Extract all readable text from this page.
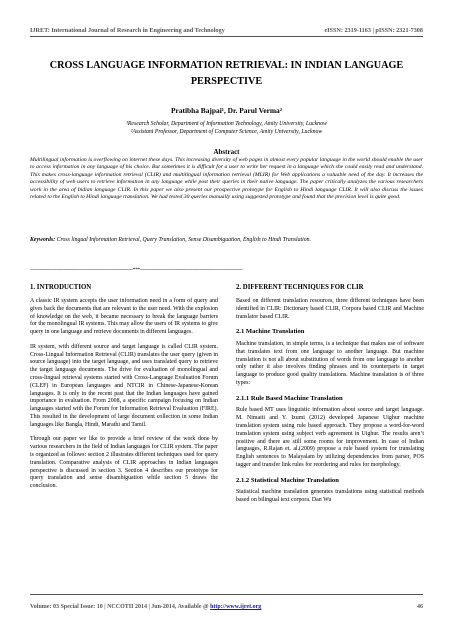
IJRET: International Journal of Research in Engineering and Technology	eISSN: 2319-1163 | pISSN: 2321-7308
CROSS LANGUAGE INFORMATION RETRIEVAL: IN INDIAN LANGUAGE PERSPECTIVE
Pratibha Bajpai¹, Dr. Parul Verma²
¹Research Scholar, Department of Information Technology, Amity University, Lucknow
²Assistant Professor, Department of Computer Science, Amity University, Lucknow
Abstract
Multilingual information is overflowing on internet these days. This increasing diversity of web pages in almost every popular language in the world should enable the user to access information in any language of his choice. But sometimes it is difficult for a user to write her request in a language which she could easily read and understand. This makes cross-language information retrieval (CLIR) and multilingual information retrieval (MLIR) for Web applications a valuable need of the day. It increases the accessibility of web users to retrieve information in any language while post their queries in their native language. The paper critically analyzes the various researchers work in the area of Indian language CLIR. In this paper we also present our prospective prototype for English to Hindi language CLIR. It will also discuss the issues related to the English to Hindi language translation. We had tested 30 queries manually using suggested prototype and found that the precision level is quite good.
Keywords: Cross lingual Information Retrieval, Query Translation, Sense Disambiguation, English to Hindi Translation.
-------------------------------------------------------------------***-------------------------------------------------------------------
1. INTRODUCTION

A classic IR system accepts the user information need in a form of query and gives back the documents that are relevant to the user need. With the explosion of knowledge on the web, it became necessary to break the language barriers for the monolingual IR systems. This may allow the users of IR systems to give query in one language and retrieve documents in different languages.

IR system, with different source and target language is called CLIR system. Cross-Lingual Information Retrieval (CLIR) translates the user query (given in source language) into the target language, and uses translated query to retrieve the target language documents. The drive for evaluation of monolingual and cross-lingual retrieval systems started with Cross-Language Evaluation Forum (CLEF) in European languages and NTCIR in Chinese-Japanese-Korean languages. It is only in the recent past that the Indian languages have gained importance in evaluation. From 2008, a specific campaign focusing on Indian languages started with the Forum for Information Retrieval Evaluation (FIRE). This resulted in the development of large document collection in some Indian languages like Bangla, Hindi, Marathi and Tamil.

Through our paper we like to provide a brief review of the work done by various researchers in the field of Indian languages for CLIR system. The paper is organized as follows: section 2 illustrates different techniques used for query translation. Comparative analysis of CLIR approaches in Indian languages perspective is discussed in section 3. Section 4 describes our prototype for query translation and sense disambiguation while section 5 draws the conclusion.

2. DIFFERENT TECHNIQUES FOR CLIR

Based on different translation resources, three different techniques have been identified in CLIR: Dictionary based CLIR, Corpora based CLIR and Machine translator based CLIR.

2.1 Machine Translation

Machine translation, in simple terms, is a technique that makes use of software that translates text from one language to another language. But machine translation is not all about substitution of words from one language to another only rather it also involves finding phrases and its counterparts in target language to produce good quality translations. Machine translation is of three types:

2.1.1 Rule Based Machine Translation

Rule based MT uses linguistic information about source and target language. M. Nimaiti and Y. Izumi (2012) developed Japanese Uighur machine translation system using rule based approach. They propose a word-for-word translation system using subject verb agreement in Uighur. The results aren’t positive and there are still some rooms for improvement. In case of Indian languages, R.Rajan et. al.(2009) propose a rule based system for translating English sentences to Malayalam by utilizing dependencies from parser, POS tagger and transfer link rules for reordering and rules for morphology.

2.1.2 Statistical Machine Translation

Statistical machine translation generates translations using statistical methods based on bilingual text corpora. Dan Wu

Volume: 03 Special Issue: 10 | NCCOTII 2014 | Jun-2014, Available @ http://www.ijret.org	46
